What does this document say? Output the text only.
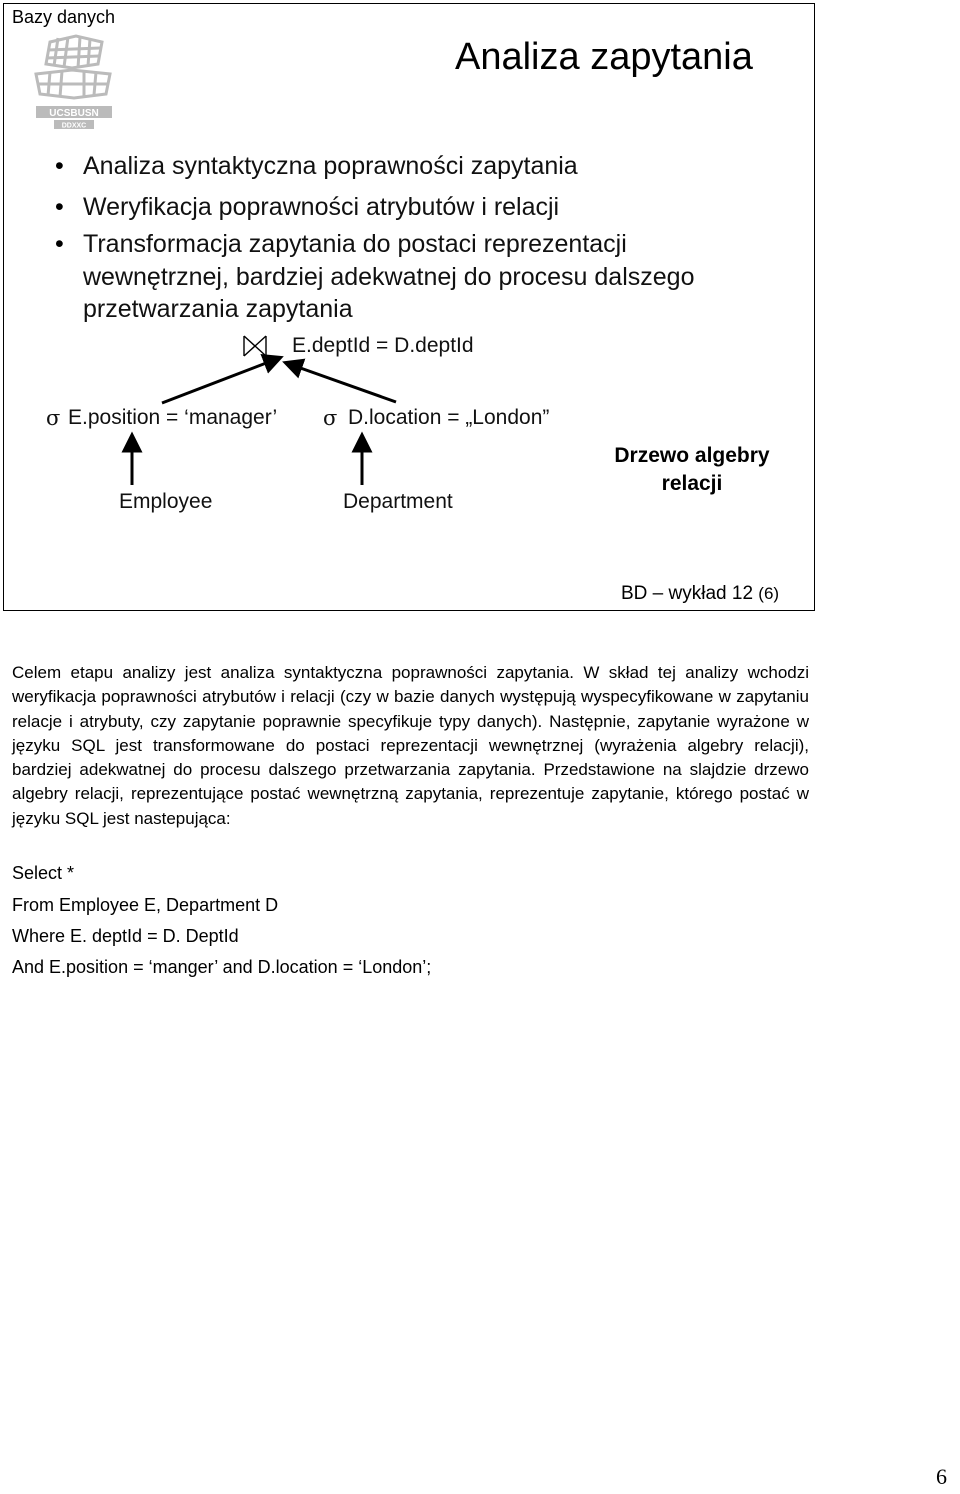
Bazy danych
Analiza zapytania
UCSBUSN
DDXXC
• Analiza syntaktyczna poprawności zapytania
• Weryfikacja poprawności atrybutów i relacji
• Transformacja zapytania do postaci reprezentacji
wewnętrznej, bardziej adekwatnej do procesu dalszego
przetwarzania zapytania
E.deptId = D.deptId
σ E.position = ‘manager’ σ D.location = „London”
Employee	Department
Drzewo algebry
relacji
BD – wykład 12 (6)
Celem etapu analizy jest analiza syntaktyczna poprawności zapytania. W skład tej analizy wchodzi weryfikacja poprawności atrybutów i relacji (czy w bazie danych występują wyspecyfikowane w zapytaniu relacje i atrybuty, czy zapytanie poprawnie specyfikuje typy danych). Następnie, zapytanie wyrażone w języku SQL jest transformowane do postaci reprezentacji wewnętrznej (wyrażenia algebry relacji), bardziej adekwatnej do procesu dalszego przetwarzania zapytania. Przedstawione na slajdzie drzewo algebry relacji, reprezentujące postać wewnętrzną zapytania, reprezentuje zapytanie, którego postać w języku SQL jest nastepująca:
Select *
From Employee E, Department D
Where E. deptId = D. DeptId
And E.position = ‘manger’ and D.location = ‘London’;
6
